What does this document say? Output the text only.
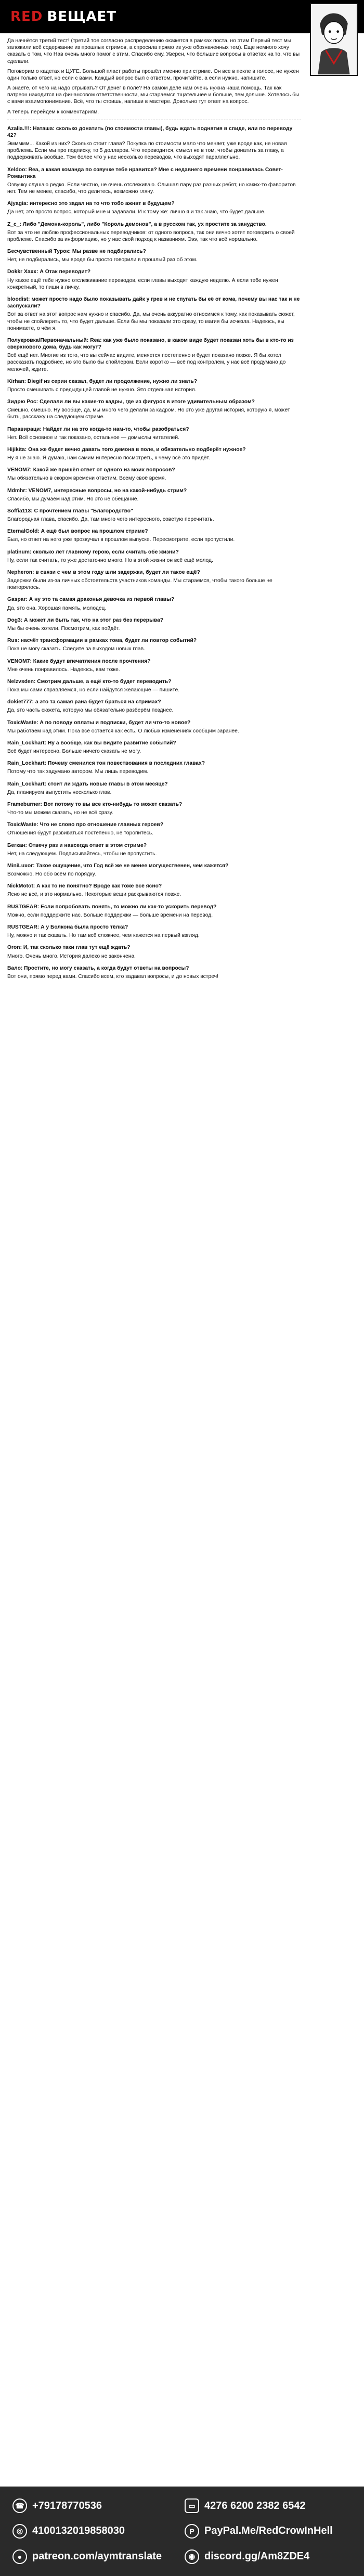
RED ВЕЩАЕТ

Да начнётся третий тест! (третий тое согласно распределению окажется в рамках поста, но этим Первый тест мы заложили всё содержание из прошлых стримов, а спросила прямо из уже обозначенных тем). Еще немного хочу сказать о том, что Нав очень много помог с этим. Спасибо ему. Уверен, что большие вопросы в ответах на то, что вы сделали.

Поговорим о кадетах и ЦУГЕ. Большой пласт работы прошёл именно при стриме. Он все в пекле в голосе, не нужен один только ответ, но если с вами. Каждый вопрос был с ответом, прочитайте, а если нужно, напишите.

А знаете, от чего на надо отрывать? От денег в поле? На самом деле нам очень нужна наша помощь. Так как патреон находится на финансовом ответственности, мы стараемся тщательнее и больше, тем дольше. Хотелось бы с вами взаимопонимание. Всё, что ты стоишь, напиши в мастере. Довольно тут ответ на вопрос.

А теперь перейдём к комментариям.

Azalia.!!!: Наташа: сколько донатить (по стоимости главы), будь ждать поднятия в спиде, или по переводу 42?

Эммммм... Какой из них? Сколько стоит глава? Покупка по стоимости мало что меняет, уже вроде как, не новая проблема. Если мы про подписку, то 5 долларов. Что переводится, смысл не в том, чтобы донатить за главу, а поддерживать вообще. Тем более что у нас несколько переводов, что выходят параллельно.

Xeldoo: Rea, а какая команда по озвучке тебе нравится? Мне с недавнего времени понравилась Совет-Романтика

Озвучку слушаю редко. Если честно, не очень отслеживаю. Слышал пару раз разных ребят, но каких-то фаворитов нет. Тем не менее, спасибо, что делитесь, возможно гляну.

Ajyagia: интересно это задал на то что тобо ажнвт в будущем?

Да нет, это просто вопрос, который мне и задавали. И к тому же: лично я и так знаю, что будет дальше.

Z_c_: Либо "Демона-король", либо "Король демонов", а в русском так, ух простите за занудство.

Вот за что не люблю профессиональных переводчиков: от одного вопроса, так они вечно хотят поговорить о своей проблеме. Спасибо за информацию, но у нас свой подход к названиям. Эээ, так что всё нормально.

Бесчувственный Турок: Мы разве не подбирались?

Нет, не подбирались, мы вроде бы просто говорили в прошлый раз об этом.

Dokkr Xaxx: А Отак переводит?

Ну какое ещё тебе нужно отслеживание переводов, если главы выходят каждую неделю. А если тебе нужен конкретный, то пиши в личку.

bloodist: может просто надо было показывать дайк у грев и не спугать бы её от кома, почему вы нас так и не заспускали?

Вот за ответ на этот вопрос нам нужно и спасибо. Да, мы очень аккуратно относимся к тому, как показывать сюжет, чтобы не спойлерить то, что будет дальше. Если бы мы показали это сразу, то магия бы исчезла. Надеюсь, вы понимаете, о чём я.

Полукровка/Первоначальный: Rea: как уже было показано, в каком виде будет показан хоть бы в кто-то из сверхнового дома, будь как могут?

Всё ещё нет. Многие из того, что вы сейчас видите, меняется постепенно и будет показано позже. Я бы хотел рассказать подробнее, но это было бы спойлером. Если коротко — всё под контролем, у нас всё продумано до мелочей, ждите.

Kirhan: Diegif из серии сказал, будет ли продолжение, нужно ли знать?

Просто смешивать с предыдущей главой не нужно. Это отдельная история.

Зидрю Рос: Сделали ли вы какие-то кадры, где из фигурок в итоге удивительным образом?

Смешно, смешно. Ну вообще, да, мы много чего делали за кадром. Но это уже другая история, которую я, может быть, расскажу на следующем стриме.

Паравираци: Найдет ли на это когда-то нам-то, чтобы разобраться?

Нет. Всё основное и так показано, остальное — домыслы читателей.

Hijikita: Она же будет вечно давать того демона в поле, и обязательно подберёт нужное?

Ну я не знаю. Я думаю, нам самим интересно посмотреть, к чему всё это придёт.

VENOM7: Какой же пришёл ответ от одного из моих вопросов?

Мы обязательно в скором времени ответим. Всему своё время.

Mdmhr: VENOM7, интересные вопросы, но на какой-нибудь стрим?

Спасибо, мы думаем над этим. Но это не обещание.

Soffia113: С прочтением главы "Благородство"

Благородная глава, спасибо. Да, там много чего интересного, советую перечитать.

EternalGold: А ещё был вопрос на прошлом стриме?

Был, но ответ на него уже прозвучал в прошлом выпуске. Пересмотрите, если пропустили.

platinum: сколько лет главному герою, если считать обе жизни?

Ну, если так считать, то уже достаточно много. Но в этой жизни он всё ещё молод.

Nepheron: в связи с чем в этом году шли задержки, будет ли такое ещё?

Задержки были из-за личных обстоятельств участников команды. Мы стараемся, чтобы такого больше не повторялось.

Gaspar: А ну это та самая драконья девочка из первой главы?

Да, это она. Хорошая память, молодец.

Dog3: А может ли быть так, что на этот раз без перерыва?

Мы бы очень хотели. Посмотрим, как пойдёт.

Rus: насчёт трансформации в рамках тома, будет ли повтор событий?

Пока не могу сказать. Следите за выходом новых глав.

VENOM7: Какие будут впечатления после прочтения?

Мне очень понравилось. Надеюсь, вам тоже.

Nelzvsden: Смотрим дальше, а ещё кто-то будет переводить?

Пока мы сами справляемся, но если найдутся желающие — пишите.

dokiet777: а это та самая рана будет браться на стримах?

Да, это часть сюжета, которую мы обязательно разберём позднее.

ToxicWaste: А по поводу оплаты и подписки, будет ли что-то новое?

Мы работаем над этим. Пока всё остаётся как есть. О любых изменениях сообщим заранее.

Rain_Lockhart: Ну а вообще, как вы видите развитие событий?

Всё будет интересно. Больше ничего сказать не могу.

Rain_Lockhart: Почему сменился тон повествования в последних главах?

Потому что так задумано автором. Мы лишь переводим.

Rain_Lockhart: стоит ли ждать новые главы в этом месяце?

Да, планируем выпустить несколько глав.

Frameburner: Вот потому то вы все кто-нибудь то может сказать?

Что-то мы можем сказать, но не всё сразу.

ToxicWaste: Что не слово про отношение главных героев?

Отношения будут развиваться постепенно, не торопитесь.

Бегкан: Отвечу раз и навсегда ответ в этом стриме?

Нет, на следующем. Подписывайтесь, чтобы не пропустить.

MiniLuxor: Такое ощущение, что Год всё же не менее могущественен, чем кажется?

Возможно. Но обо всём по порядку.

NickMotot: А как то не понятно? Вроде как тоже всё ясно?

Ясно не всё, и это нормально. Некоторые вещи раскрываются позже.

RUSTGEAR: Если попробовать понять, то можно ли как-то ускорить перевод?

Можно, если поддержите нас. Больше поддержки — больше времени на перевод.

RUSTGEAR: А у Болкона была просто тёлка?

Ну, можно и так сказать. Но там всё сложнее, чем кажется на первый взгляд.

Oron: И, так сколько таки глав тут ещё ждать?

Много. Очень много. История далеко не закончена.

Вало: Простите, но могу сказать, а когда будут ответы на вопросы?

Вот они, прямо перед вами. Спасибо всем, кто задавал вопросы, и до новых встреч!

☎ +79178770536	▭ 4276 6200 2382 6542
◎ 4100132019858030	P PayPal.Me/RedCrowInHell
● patreon.com/aymtranslate	◉ discord.gg/Am8ZDE4
